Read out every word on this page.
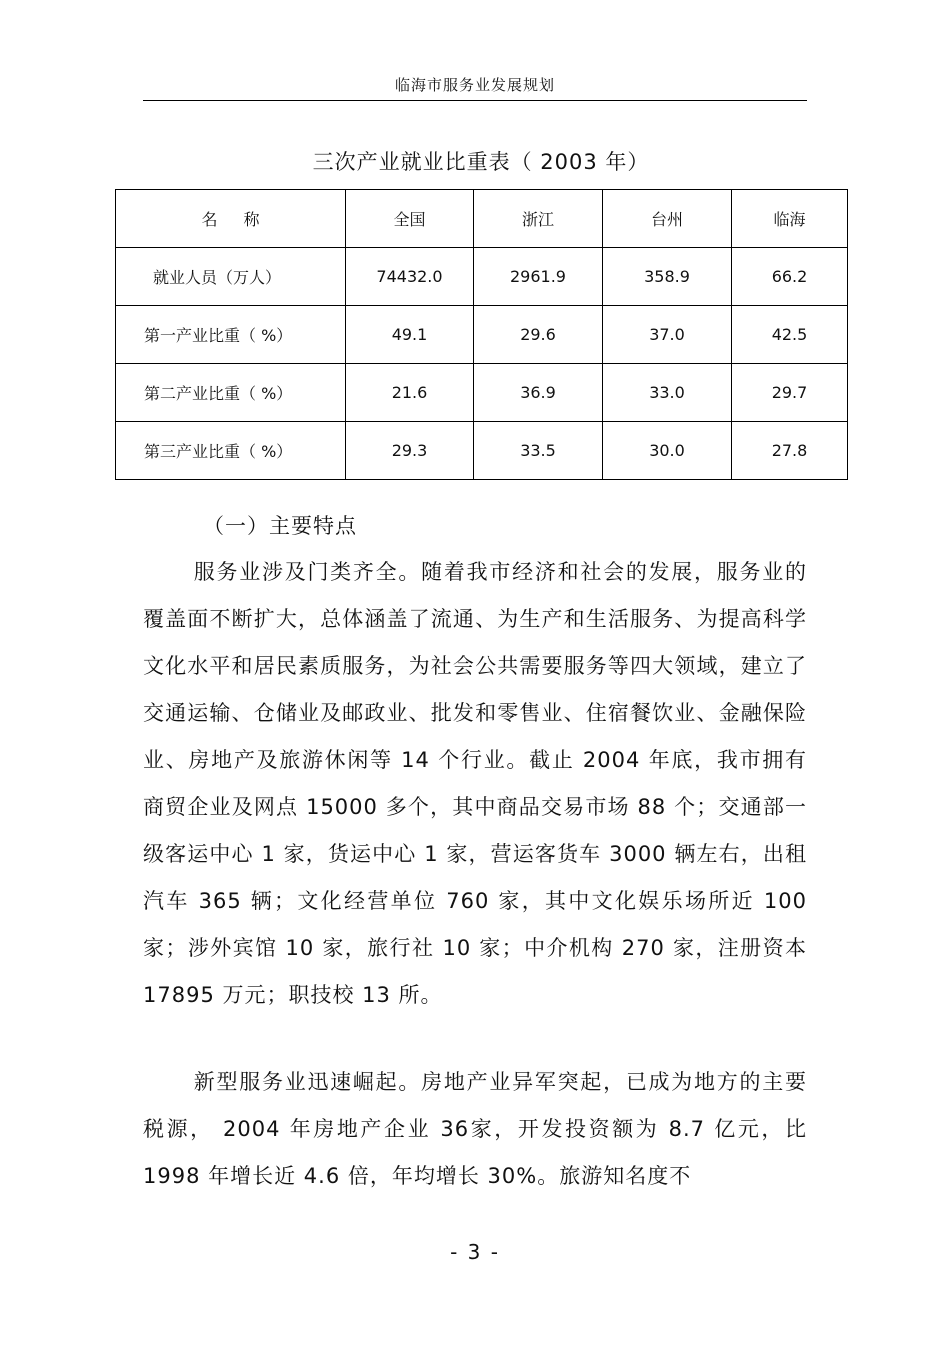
临海市服务业发展规划
三次产业就业比重表（ 2003 年）
名称	全国	浙江	台州	临海
就业人员（万人）	74432.0	2961.9	358.9	66.2
第一产业比重（ %）	49.1	29.6	37.0	42.5
第二产业比重（ %）	21.6	36.9	33.0	29.7
第三产业比重（ %）	29.3	33.5	30.0	27.8
（一）主要特点

服务业涉及门类齐全。随着我市经济和社会的发展，服务业的覆盖面不断扩大，总体涵盖了流通、为生产和生活服务、为提高科学文化水平和居民素质服务，为社会公共需要服务等四大领域，建立了交通运输、仓储业及邮政业、批发和零售业、住宿餐饮业、金融保险业、房地产及旅游休闲等 14 个行业。截止 2004 年底，我市拥有商贸企业及网点 15000 多个，其中商品交易市场 88 个；交通部一级客运中心 1 家，货运中心 1 家，营运客货车 3000 辆左右，出租汽车 365 辆；文化经营单位 760 家，其中文化娱乐场所近 100 家；涉外宾馆 10 家，旅行社 10 家；中介机构 270 家，注册资本 17895 万元；职技校 13 所。

新型服务业迅速崛起。房地产业异军突起，已成为地方的主要税源， 2004 年房地产企业 36家，开发投资额为 8.7 亿元，比 1998 年增长近 4.6 倍，年均增长 30%。旅游知名度不

- 3 -
